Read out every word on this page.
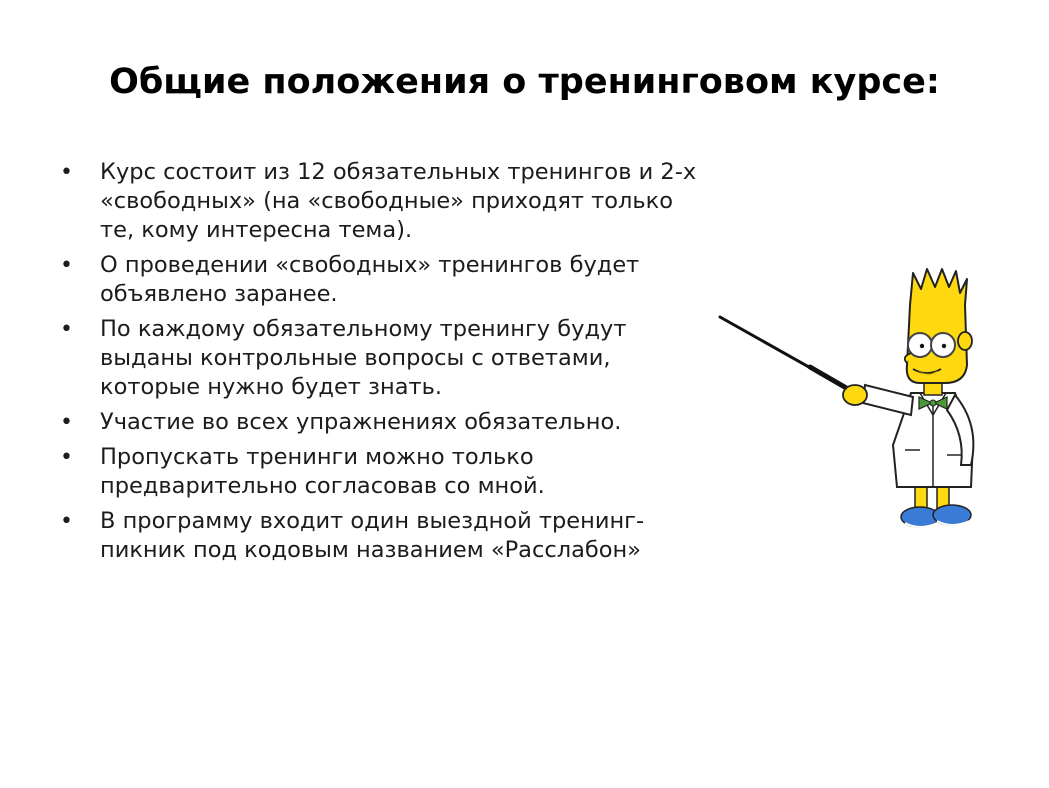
Общие положения о тренинговом курсе:
• Курс состоит из 12 обязательных тренингов и 2-х «свободных» (на «свободные» приходят только те, кому интересна тема).
• О проведении «свободных» тренингов будет объявлено заранее.
• По каждому обязательному тренингу будут выданы контрольные вопросы с ответами, которые нужно будет знать.
• Участие во всех упражнениях обязательно.
• Пропускать тренинги можно только предварительно согласовав со мной.
• В программу входит один выездной тренинг-пикник под кодовым названием «Расслабон»
